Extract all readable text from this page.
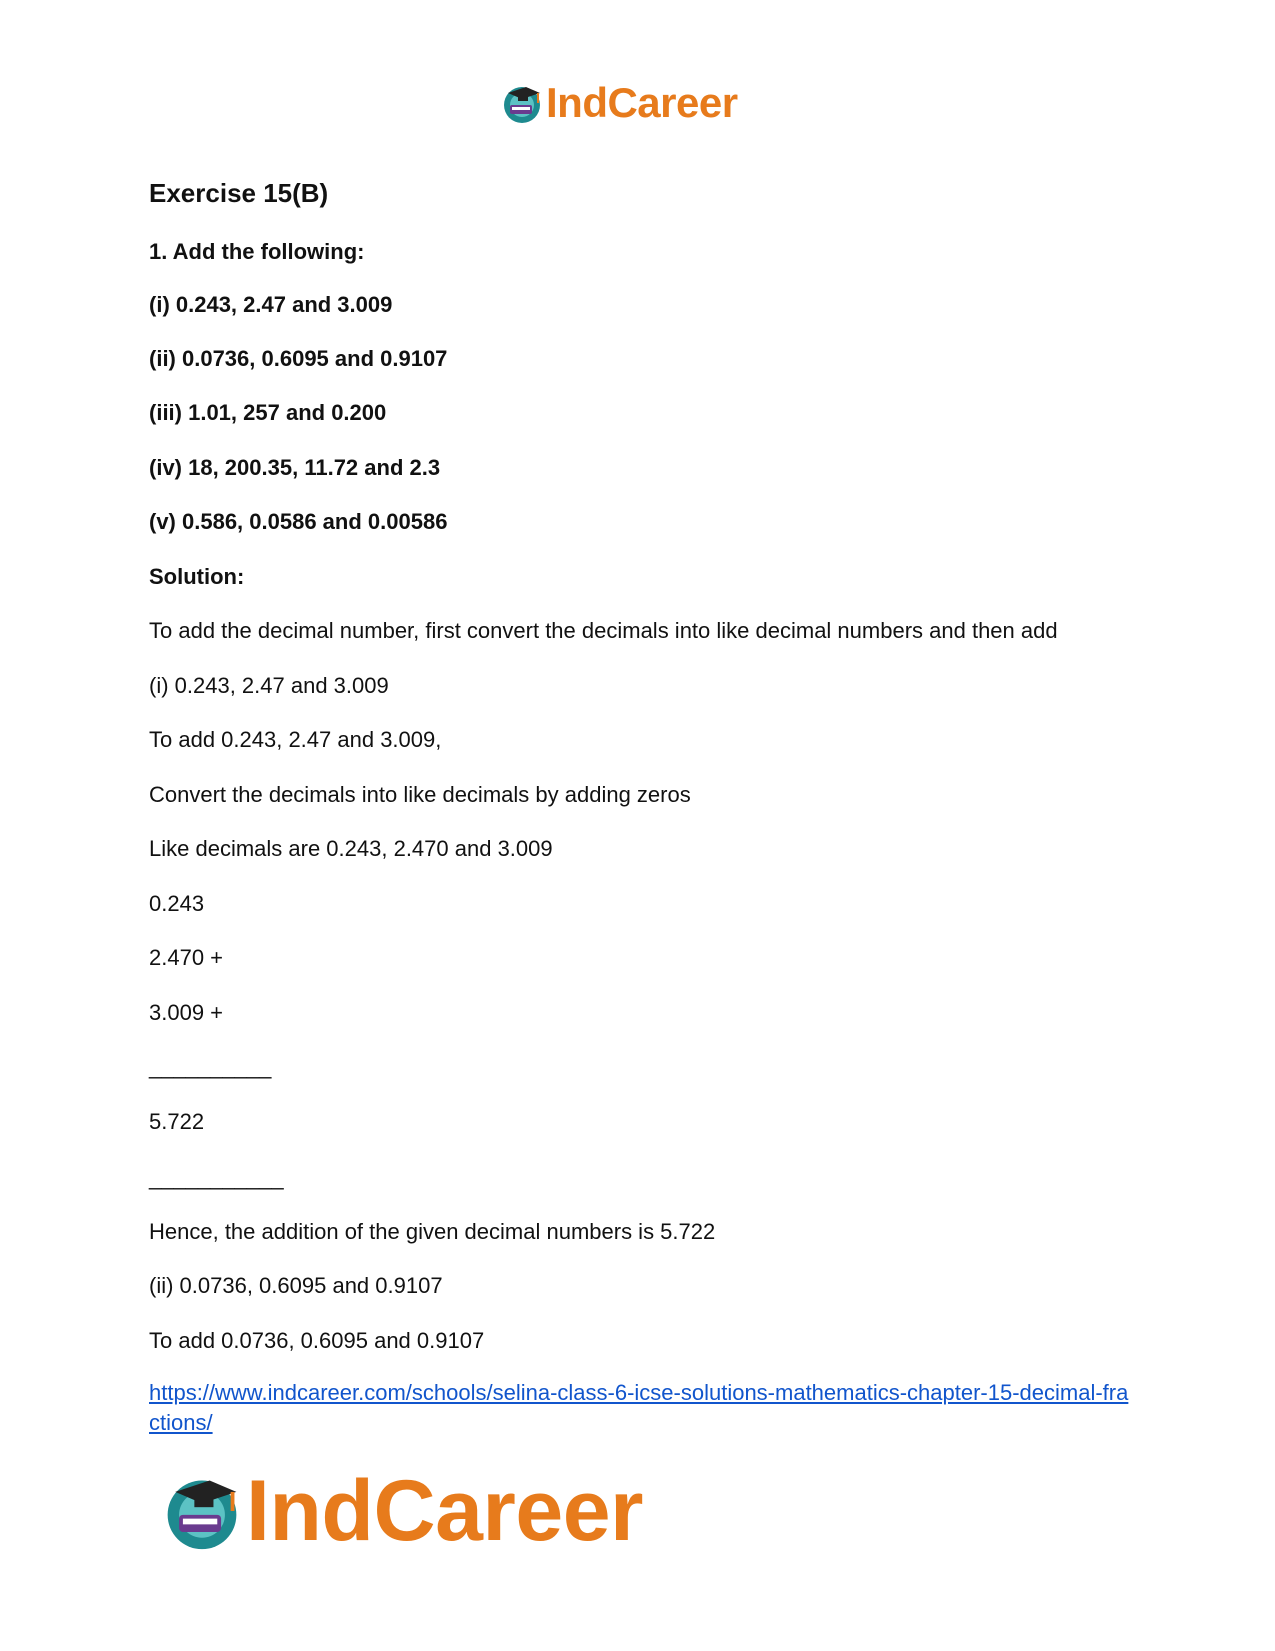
IndCareer
Exercise 15(B)
1. Add the following:
(i) 0.243, 2.47 and 3.009
(ii) 0.0736, 0.6095 and 0.9107
(iii) 1.01, 257 and 0.200
(iv) 18, 200.35, 11.72 and 2.3
(v) 0.586, 0.0586 and 0.00586
Solution:
To add the decimal number, first convert the decimals into like decimal numbers and then add
(i) 0.243, 2.47 and 3.009
To add 0.243, 2.47 and 3.009,
Convert the decimals into like decimals by adding zeros
Like decimals are 0.243, 2.470 and 3.009
0.243
2.470 +
3.009 +
__________
5.722
___________
Hence, the addition of the given decimal numbers is 5.722
(ii) 0.0736, 0.6095 and 0.9107
To add 0.0736, 0.6095 and 0.9107
https://www.indcareer.com/schools/selina-class-6-icse-solutions-mathematics-chapter-15-decimal-fractions/
IndCareer
